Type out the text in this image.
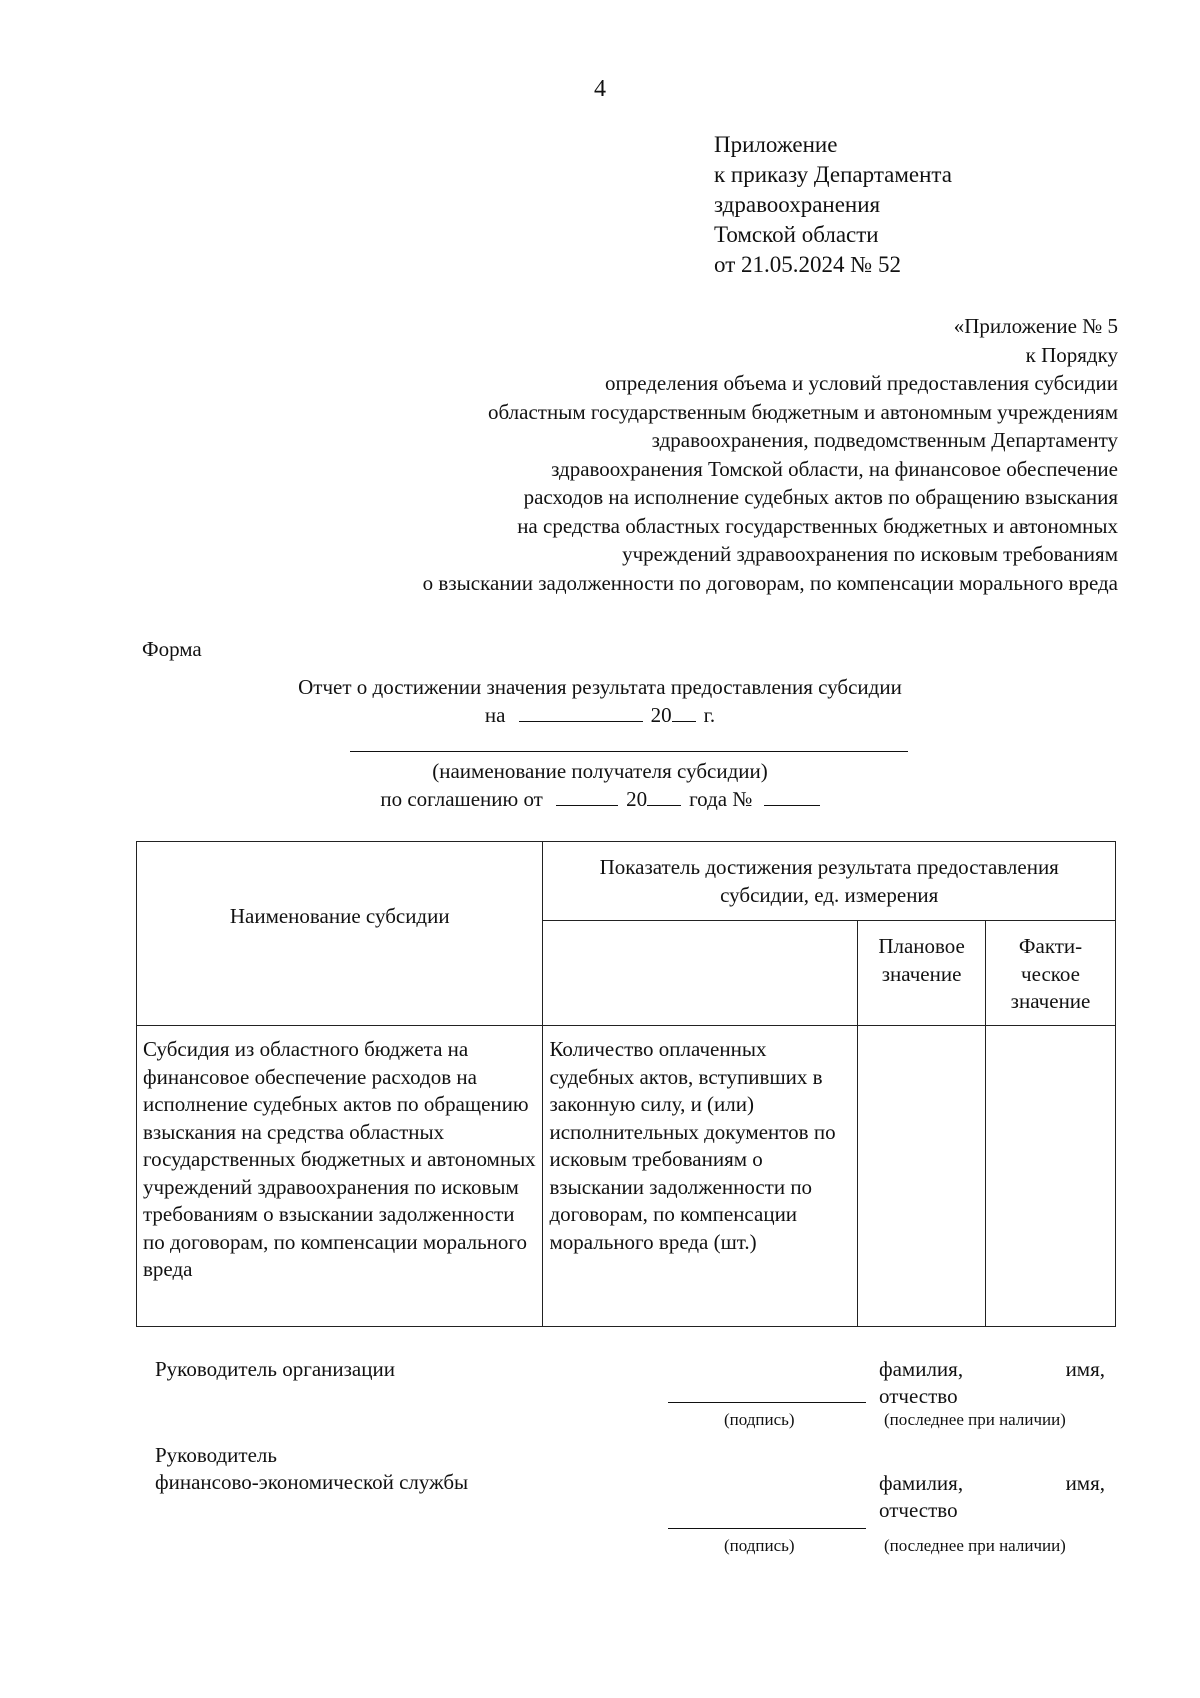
4
Приложение
к приказу Департамента
здравоохранения
Томской области
от 21.05.2024 № 52
«Приложение № 5
к Порядку
определения объема и условий предоставления субсидии
областным государственным бюджетным и автономным учреждениям
здравоохранения, подведомственным Департаменту
здравоохранения Томской области, на финансовое обеспечение
расходов на исполнение судебных актов по обращению взыскания
на средства областных государственных бюджетных и автономных
учреждений здравоохранения по исковым требованиям
о взыскании задолженности по договорам, по компенсации морального вреда
Форма
Отчет о достижении значения результата предоставления субсидии
на	20 г.
(наименование получателя субсидии)
по соглашению от	20 года №
Наименование субсидии	Показатель достижения результата предоставления субсидии, ед. измерения		
		Плановое значение	Факти-ческое значение
Субсидия из областного бюджета на финансовое обеспечение расходов на исполнение судебных актов по обращению взыскания на средства областных государственных бюджетных и автономных учреждений здравоохранения по исковым требованиям о взыскании задолженности по договорам, по компенсации морального вреда	Количество оплаченных судебных актов, вступивших в законную силу, и (или) исполнительных документов по исковым требованиям о взыскании задолженности по договорам, по компенсации морального вреда (шт.)		
Руководитель организации	фамилия,	имя,
отчество
(подпись)	(последнее при наличии)
Руководитель
финансово-экономической службы	фамилия,	имя,
отчество
(подпись)	(последнее при наличии)
